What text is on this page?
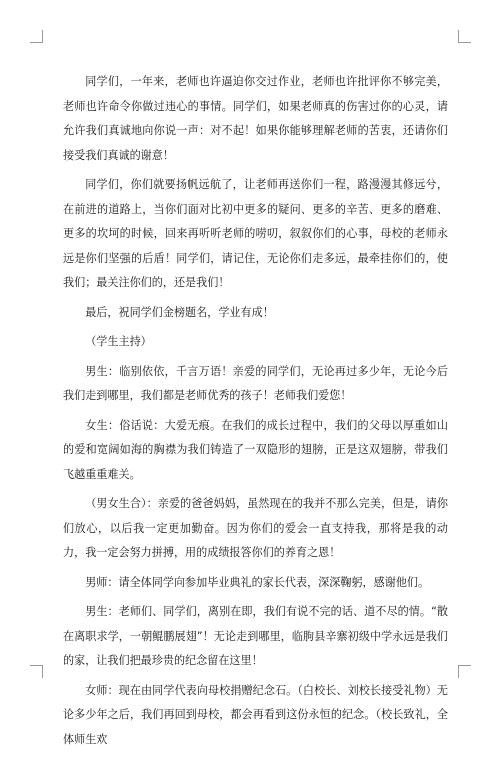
同学们，一年来，老师也许逼迫你交过作业，老师也许批评你不够完美，老师也许命令你做过违心的事情。同学们，如果老师真的伤害过你的心灵，请允许我们真诚地向你说一声：对不起！如果你能够理解老师的苦衷，还请你们接受我们真诚的谢意！

同学们，你们就要扬帆远航了，让老师再送你们一程，路漫漫其修远兮，在前进的道路上，当你们面对比初中更多的疑问、更多的辛苦、更多的磨难、更多的坎坷的时候，回来再听听老师的唠叨，叙叙你们的心事，母校的老师永远是你们坚强的后盾！同学们，请记住，无论你们走多远，最牵挂你们的，使我们；最关注你们的，还是我们！

最后，祝同学们金榜题名，学业有成！

（学生主持）

男生：临别依依，千言万语！亲爱的同学们，无论再过多少年，无论今后我们走到哪里，我们都是老师优秀的孩子！老师我们爱您！

女生：俗话说：大爱无痕。在我们的成长过程中，我们的父母以厚重如山的爱和宽阔如海的胸襟为我们铸造了一双隐形的翅膀，正是这双翅膀，带我们飞越重重难关。

（男女生合）：亲爱的爸爸妈妈，虽然现在的我并不那么完美，但是，请你们放心，以后我一定更加勤奋。因为你们的爱会一直支持我，那将是我的动力，我一定会努力拼搏，用的成绩报答你们的养育之恩！

男师：请全体同学向参加毕业典礼的家长代表，深深鞠躬，感谢他们。

男生：老师们、同学们，离别在即，我们有说不完的话、道不尽的情。“散在离职求学，一朝鲲鹏展翅”！无论走到哪里，临朐县辛寨初级中学永远是我们的家，让我们把最珍贵的纪念留在这里！

女师：现在由同学代表向母校捐赠纪念石。（白校长、刘校长接受礼物）无论多少年之后，我们再回到母校，都会再看到这份永恒的纪念。（校长致礼，全体师生欢
